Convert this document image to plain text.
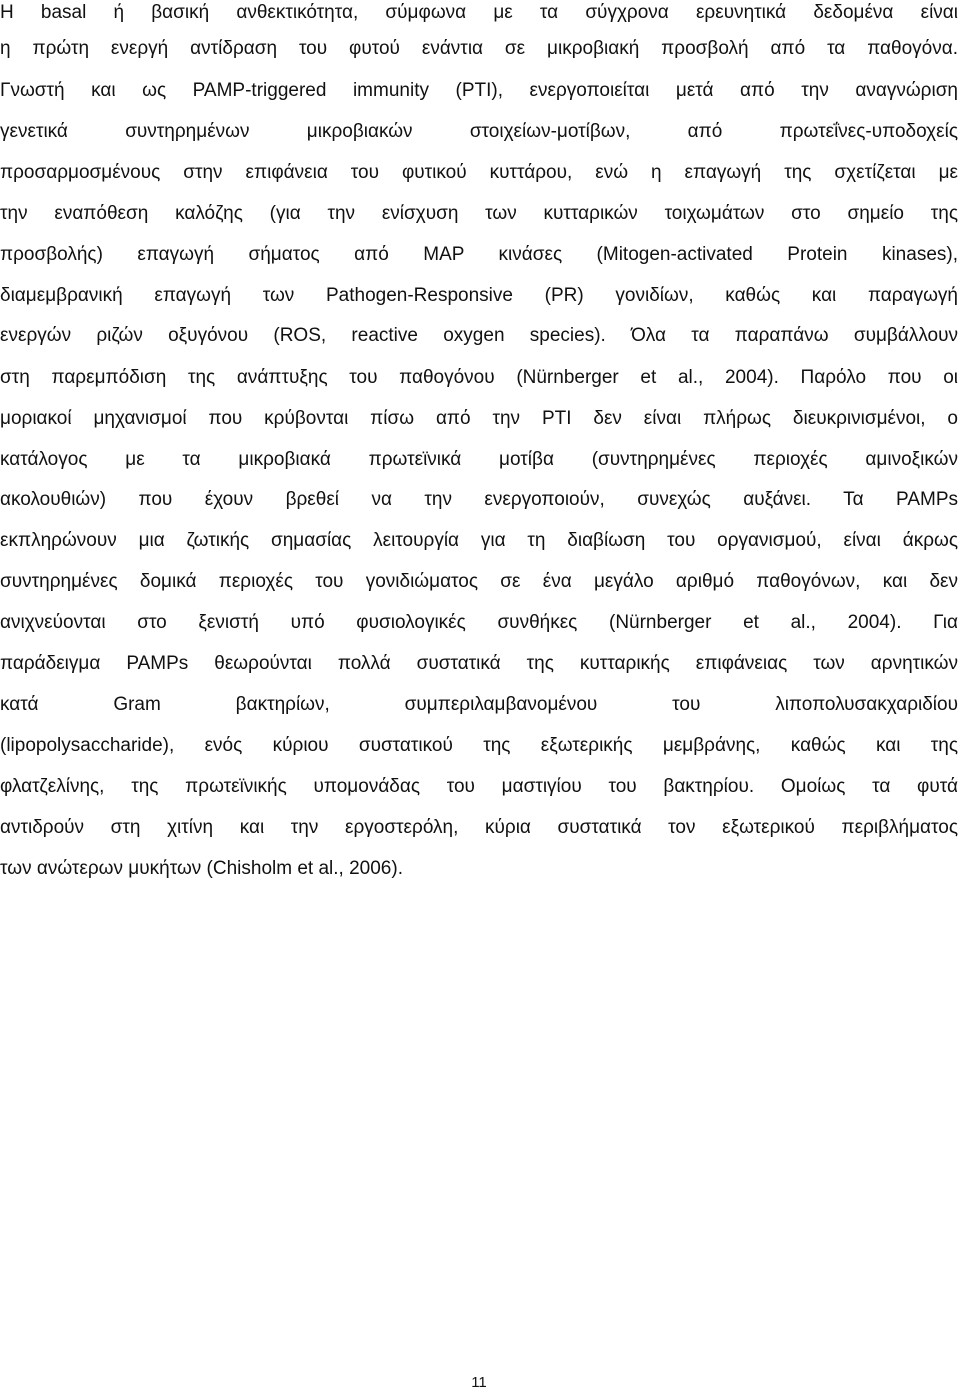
Η basal ή βασική ανθεκτικότητα, σύμφωνα με τα σύγχρονα ερευνητικά δεδομένα είναι
η πρώτη ενεργή αντίδραση του φυτού ενάντια σε μικροβιακή προσβολή από τα παθογόνα.
Γνωστή και ως PAMP-triggered immunity (PTI), ενεργοποιείται μετά από την αναγνώριση
γενετικά συντηρημένων μικροβιακών στοιχείων-μοτίβων, από πρωτεΐνες-υποδοχείς
προσαρμοσμένους στην επιφάνεια του φυτικού κυττάρου, ενώ η επαγωγή της σχετίζεται με
την εναπόθεση καλόζης (για την ενίσχυση των κυτταρικών τοιχωμάτων στο σημείο της
προσβολής) επαγωγή σήματος από MAP κινάσες (Mitogen-activated Protein kinases),
διαμεμβρανική επαγωγή των Pathogen-Responsive (PR) γονιδίων, καθώς και παραγωγή
ενεργών ριζών οξυγόνου (ROS, reactive oxygen species). Όλα τα παραπάνω συμβάλλουν
στη παρεμπόδιση της ανάπτυξης του παθογόνου (Nürnberger et al., 2004). Παρόλο που οι
μοριακοί μηχανισμοί που κρύβονται πίσω από την PTI δεν είναι πλήρως διευκρινισμένοι, ο
κατάλογος με τα μικροβιακά πρωτεϊνικά μοτίβα (συντηρημένες περιοχές αμινοξικών
ακολουθιών) που έχουν βρεθεί να την ενεργοποιούν, συνεχώς αυξάνει. Τα PAMPs
εκπληρώνουν μια ζωτικής σημασίας λειτουργία για τη διαβίωση του οργανισμού, είναι άκρως
συντηρημένες δομικά περιοχές του γονιδιώματος σε ένα μεγάλο αριθμό παθογόνων, και δεν
ανιχνεύονται στο ξενιστή υπό φυσιολογικές συνθήκες (Nürnberger et al., 2004). Για
παράδειγμα PAMPs θεωρούνται πολλά συστατικά της κυτταρικής επιφάνειας των αρνητικών
κατά Gram βακτηρίων, συμπεριλαμβανομένου του λιποπολυσακχαριδίου
(lipopolysaccharide), ενός κύριου συστατικού της εξωτερικής μεμβράνης, καθώς και της
φλατζελίνης, της πρωτεϊνικής υπομονάδας του μαστιγίου του βακτηρίου. Ομοίως τα φυτά
αντιδρούν στη χιτίνη και την εργοστερόλη, κύρια συστατικά τον εξωτερικού περιβλήματος
των ανώτερων μυκήτων (Chisholm et al., 2006).
11
